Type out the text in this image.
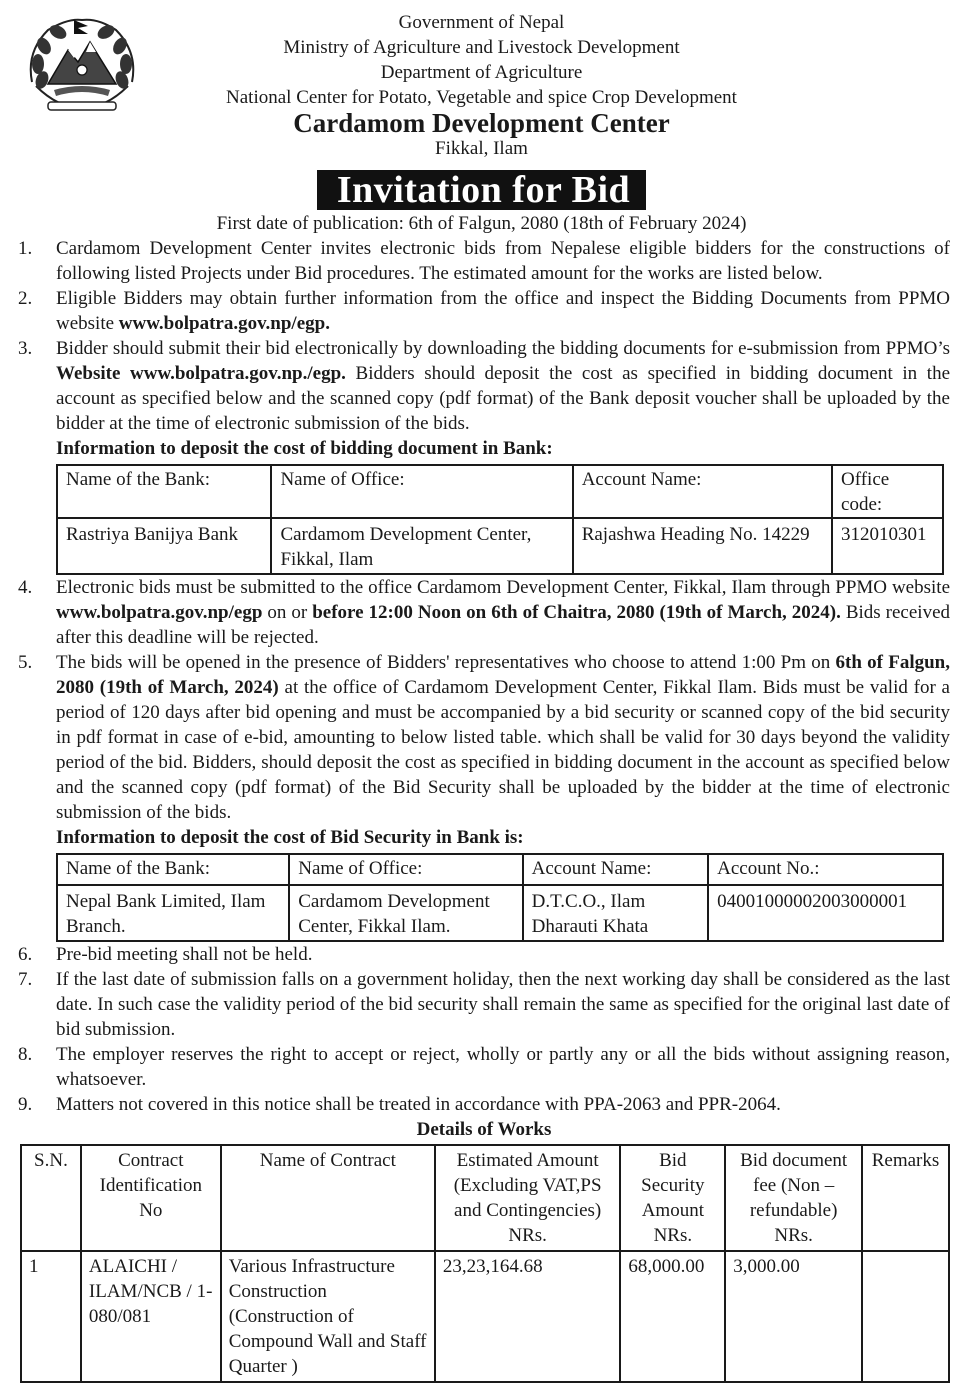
Government of Nepal
Ministry of Agriculture and Livestock Development
Department of Agriculture
National Center for Potato, Vegetable and spice Crop Development
Cardamom Development Center
Fikkal, Ilam
Invitation for Bid
First date of publication: 6th of Falgun, 2080 (18th of February 2024)
1. Cardamom Development Center invites electronic bids from Nepalese eligible bidders for the constructions of following listed Projects under Bid procedures. The estimated amount for the works are listed below.
2. Eligible Bidders may obtain further information from the office and inspect the Bidding Documents from PPMO website www.bolpatra.gov.np/egp.
3. Bidder should submit their bid electronically by downloading the bidding documents for e-submission from PPMO’s Website www.bolpatra.gov.np./egp. Bidders should deposit the cost as specified in bidding document in the account as specified below and the scanned copy (pdf format) of the Bank deposit voucher shall be uploaded by the bidder at the time of electronic submission of the bids.
Information to deposit the cost of bidding document in Bank:
Name of the Bank:	Name of Office:	Account Name:	Office code:
Rastriya Banijya Bank	Cardamom Development Center, Fikkal, Ilam	Rajashwa Heading No. 14229	312010301
4. Electronic bids must be submitted to the office Cardamom Development Center, Fikkal, Ilam through PPMO website www.bolpatra.gov.np/egp on or before 12:00 Noon on 6th of Chaitra, 2080 (19th of March, 2024). Bids received after this deadline will be rejected.
5. The bids will be opened in the presence of Bidders' representatives who choose to attend 1:00 Pm on 6th of Falgun, 2080 (19th of March, 2024) at the office of Cardamom Development Center, Fikkal Ilam. Bids must be valid for a period of 120 days after bid opening and must be accompanied by a bid security or scanned copy of the bid security in pdf format in case of e-bid, amounting to below listed table. which shall be valid for 30 days beyond the validity period of the bid. Bidders, should deposit the cost as specified in bidding document in the account as specified below and the scanned copy (pdf format) of the Bid Security shall be uploaded by the bidder at the time of electronic submission of the bids.
Information to deposit the cost of Bid Security in Bank is:
Name of the Bank:	Name of Office:	Account Name:	Account No.:
Nepal Bank Limited, Ilam Branch.	Cardamom Development Center, Fikkal Ilam.	D.T.C.O., Ilam Dharauti Khata	04001000002003000001
6. Pre-bid meeting shall not be held.
7. If the last date of submission falls on a government holiday, then the next working day shall be considered as the last date. In such case the validity period of the bid security shall remain the same as specified for the original last date of bid submission.
8. The employer reserves the right to accept or reject, wholly or partly any or all the bids without assigning reason, whatsoever.
9. Matters not covered in this notice shall be treated in accordance with PPA-2063 and PPR-2064.
Details of Works
S.N.	Contract Identification No	Name of Contract	Estimated Amount (Excluding VAT,PS and Contingencies) NRs.	Bid Security Amount NRs.	Bid document fee (Non – refundable) NRs.	Remarks
1	ALAICHI / ILAM/NCB / 1-080/081	Various Infrastructure Construction (Construction of Compound Wall and Staff Quarter )	23,23,164.68	68,000.00	3,000.00	
